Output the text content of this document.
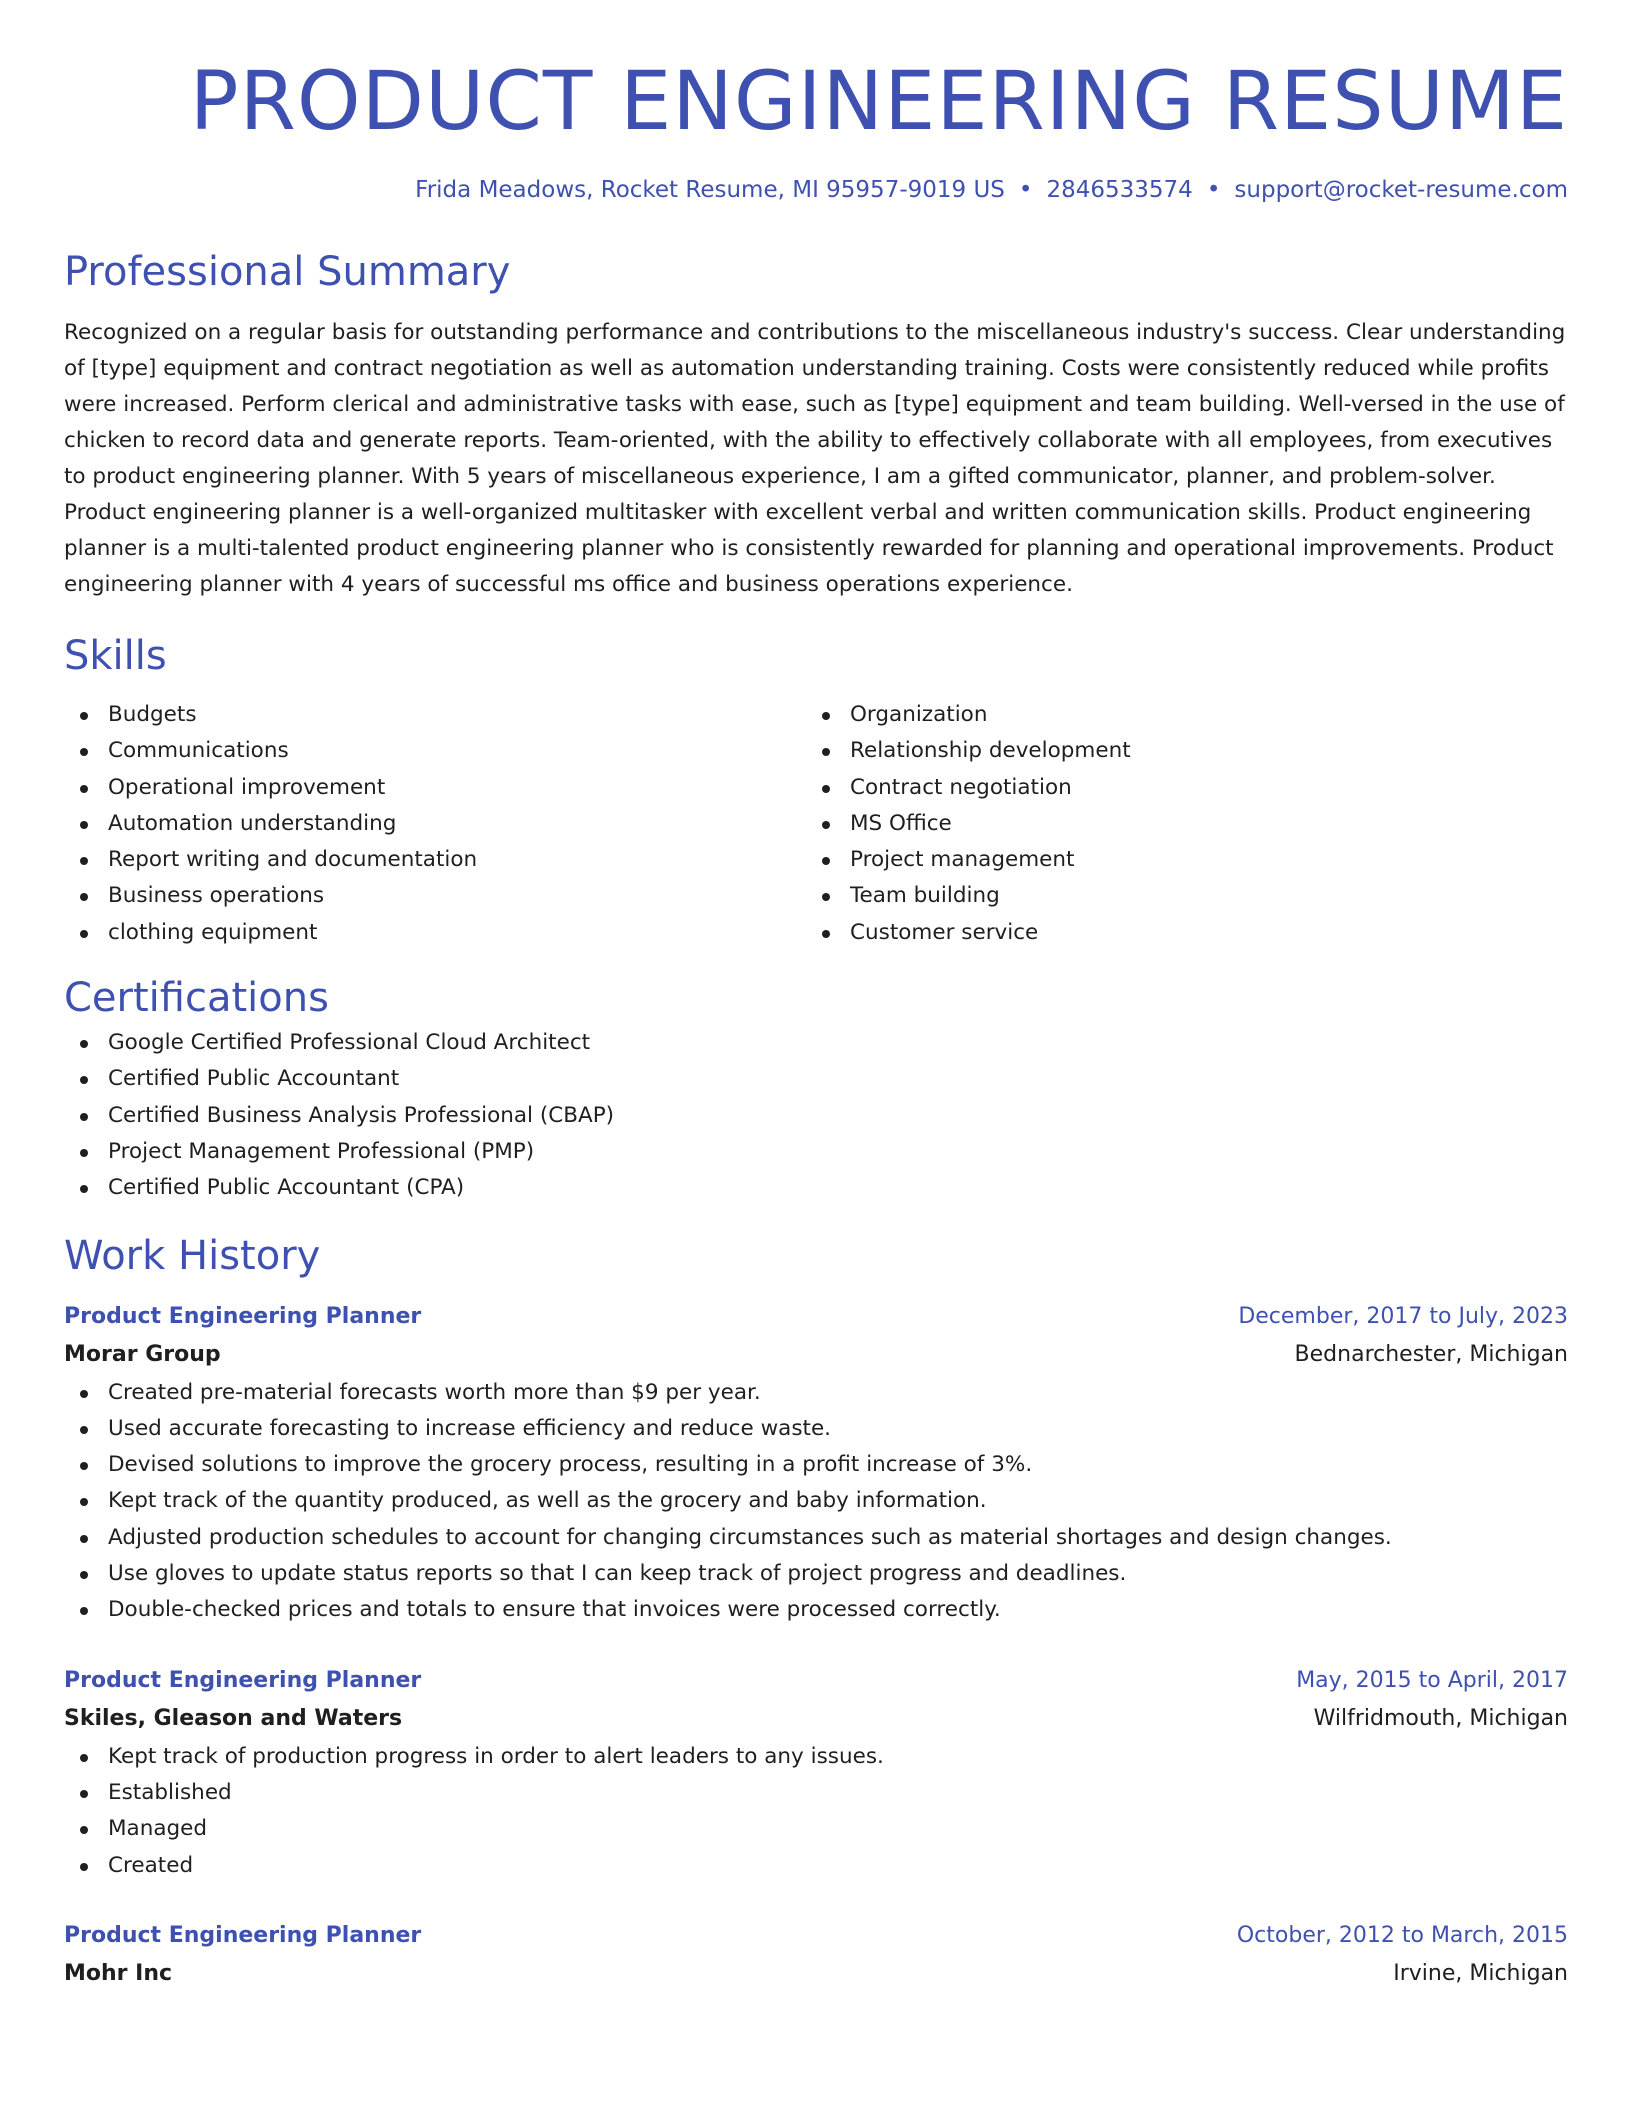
PRODUCT ENGINEERING RESUME
Frida Meadows, Rocket Resume, MI 95957-9019 US • 2846533574 • support@rocket-resume.com
Professional Summary

Recognized on a regular basis for outstanding performance and contributions to the miscellaneous industry's success. Clear understanding of [type] equipment and contract negotiation as well as automation understanding training. Costs were consistently reduced while profits were increased. Perform clerical and administrative tasks with ease, such as [type] equipment and team building. Well-versed in the use of chicken to record data and generate reports. Team-oriented, with the ability to effectively collaborate with all employees, from executives to product engineering planner. With 5 years of miscellaneous experience, I am a gifted communicator, planner, and problem-solver. Product engineering planner is a well-organized multitasker with excellent verbal and written communication skills. Product engineering planner is a multi-talented product engineering planner who is consistently rewarded for planning and operational improvements. Product engineering planner with 4 years of successful ms office and business operations experience.

Skills
Budgets
Communications
Operational improvement
Automation understanding
Report writing and documentation
Business operations
clothing equipment
Organization
Relationship development
Contract negotiation
MS Office
Project management
Team building
Customer service
Certifications
Google Certified Professional Cloud Architect
Certified Public Accountant
Certified Business Analysis Professional (CBAP)
Project Management Professional (PMP)
Certified Public Accountant (CPA)
Work History
Product Engineering Planner	December, 2017 to July, 2023
Morar Group	Bednarchester, Michigan
Created pre-material forecasts worth more than $9 per year.
Used accurate forecasting to increase efficiency and reduce waste.
Devised solutions to improve the grocery process, resulting in a profit increase of 3%.
Kept track of the quantity produced, as well as the grocery and baby information.
Adjusted production schedules to account for changing circumstances such as material shortages and design changes.
Use gloves to update status reports so that I can keep track of project progress and deadlines.
Double-checked prices and totals to ensure that invoices were processed correctly.
Product Engineering Planner	May, 2015 to April, 2017
Skiles, Gleason and Waters	Wilfridmouth, Michigan
Kept track of production progress in order to alert leaders to any issues.
Established
Managed
Created
Product Engineering Planner	October, 2012 to March, 2015
Mohr Inc	Irvine, Michigan
